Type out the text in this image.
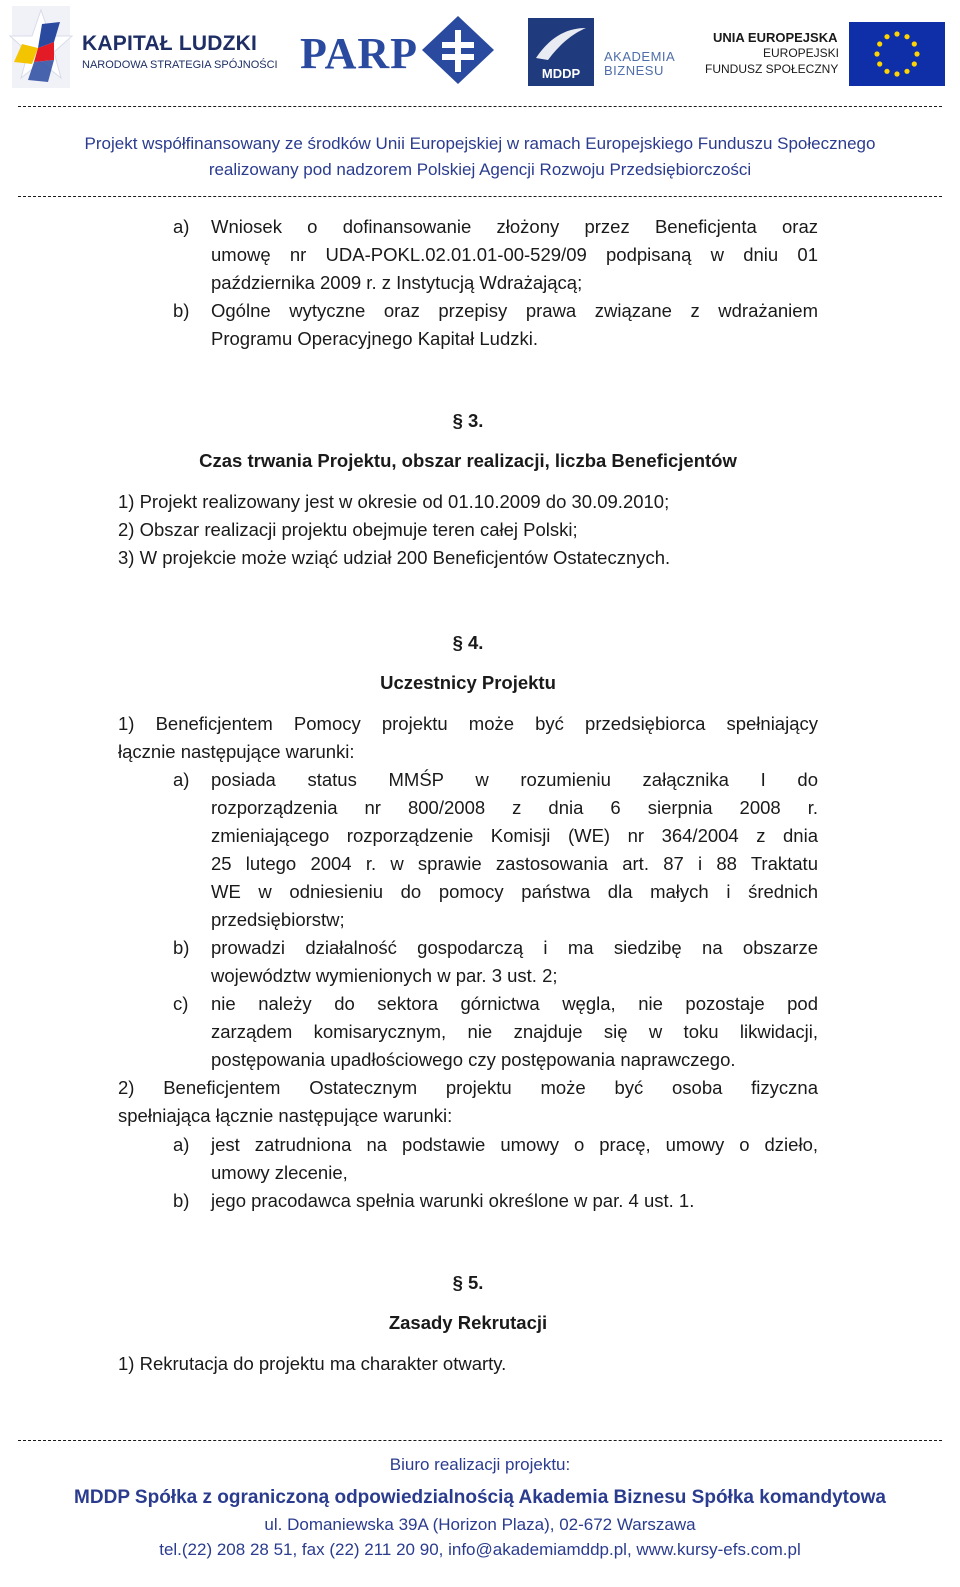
KAPITAŁ LUDZKI
NARODOWA STRATEGIA SPÓJNOŚCI PARP	MDDP
AKADEMIA
BIZNESU
UNIA EUROPEJSKA
EUROPEJSKI
FUNDUSZ SPOŁECZNY
Projekt współfinansowany ze środków Unii Europejskiej w ramach Europejskiego Funduszu Społecznego
realizowany pod nadzorem Polskiej Agencji Rozwoju Przedsiębiorczości
a) Wniosek o dofinansowanie złożony przez Beneficjenta oraz
umowę nr UDA-POKL.02.01.01-00-529/09 podpisaną w dniu 01
października 2009 r. z Instytucją Wdrażającą;
b) Ogólne wytyczne oraz przepisy prawa związane z wdrażaniem
Programu Operacyjnego Kapitał Ludzki.
§ 3.
Czas trwania Projektu, obszar realizacji, liczba Beneficjentów
1) Projekt realizowany jest w okresie od 01.10.2009 do 30.09.2010;
2) Obszar realizacji projektu obejmuje teren całej Polski;
3) W projekcie może wziąć udział 200 Beneficjentów Ostatecznych.
§ 4.
Uczestnicy Projektu
1) Beneficjentem Pomocy projektu może być przedsiębiorca spełniający
łącznie następujące warunki:
a) posiada status MMŚP w rozumieniu załącznika I do
rozporządzenia nr 800/2008 z dnia 6 sierpnia 2008 r.
zmieniającego rozporządzenie Komisji (WE) nr 364/2004 z dnia
25 lutego 2004 r. w sprawie zastosowania art. 87 i 88 Traktatu
WE w odniesieniu do pomocy państwa dla małych i średnich
przedsiębiorstw;
b) prowadzi działalność gospodarczą i ma siedzibę na obszarze
województw wymienionych w par. 3 ust. 2;
c) nie należy do sektora górnictwa węgla, nie pozostaje pod
zarządem komisarycznym, nie znajduje się w toku likwidacji,
postępowania upadłościowego czy postępowania naprawczego.
2) Beneficjentem Ostatecznym projektu może być osoba fizyczna
spełniająca łącznie następujące warunki:
a) jest zatrudniona na podstawie umowy o pracę, umowy o dzieło,
umowy zlecenie,
b) jego pracodawca spełnia warunki określone w par. 4 ust. 1.
§ 5.
Zasady Rekrutacji
1) Rekrutacja do projektu ma charakter otwarty.
Biuro realizacji projektu:
MDDP Spółka z ograniczoną odpowiedzialnością Akademia Biznesu Spółka komandytowa
ul. Domaniewska 39A (Horizon Plaza), 02-672 Warszawa
tel.(22) 208 28 51, fax (22) 211 20 90, info@akademiamddp.pl, www.kursy-efs.com.pl
